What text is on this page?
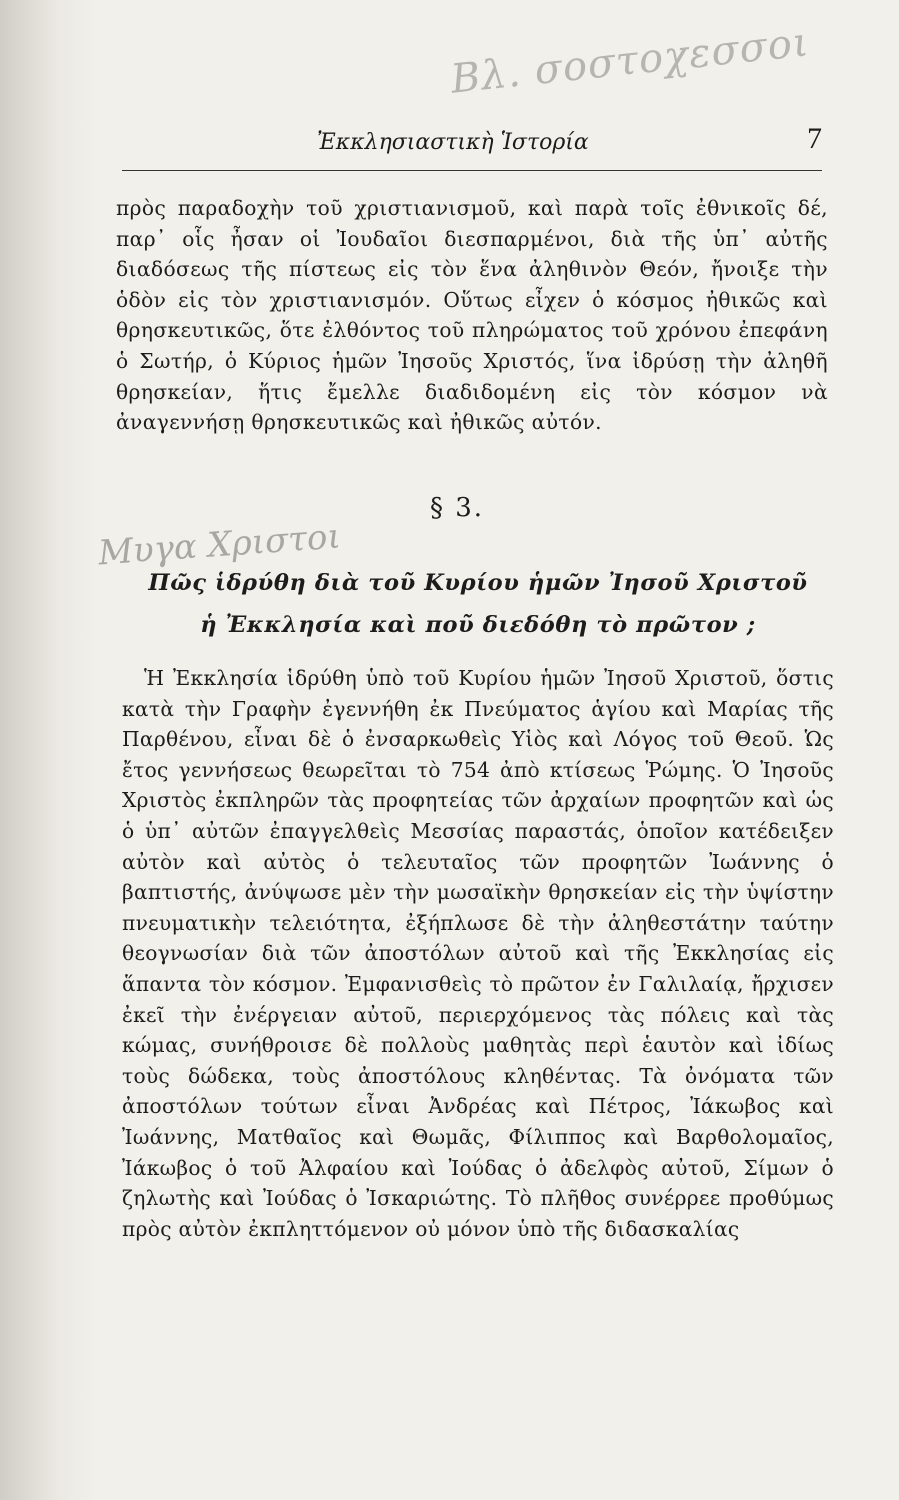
Βλ. σοστοχεσσοι
Ἐκκλησιαστικὴ Ἱστορία	7

πρὸς παραδοχὴν τοῦ χριστιανισμοῦ, καὶ παρὰ τοῖς ἐθνικοῖς δέ, παρ᾽ οἷς ἦσαν οἱ Ἰουδαῖοι διεσπαρμένοι, διὰ τῆς ὑπ᾽ αὐτῆς διαδόσεως τῆς πίστεως εἰς τὸν ἕνα ἀληθινὸν Θεόν, ἤνοιξε τὴν ὁδὸν εἰς τὸν χριστιανισμόν. Οὕτως εἶχεν ὁ κόσμος ἠθικῶς καὶ θρησκευτικῶς, ὅτε ἐλθόντος τοῦ πληρώματος τοῦ χρόνου ἐπεφάνη ὁ Σωτήρ, ὁ Κύριος ἡμῶν Ἰησοῦς Χριστός, ἵνα ἱδρύσῃ τὴν ἀληθῆ θρησκείαν, ἥτις ἔμελλε διαδιδομένη εἰς τὸν κόσμον νὰ ἀναγεννήσῃ θρησκευτικῶς καὶ ἠθικῶς αὐτόν.

§ 3.
Μυγα Χριστοι
Πῶς ἱδρύθη διὰ τοῦ Κυρίου ἡμῶν Ἰησοῦ Χριστοῦ
ἡ Ἐκκλησία καὶ ποῦ διεδόθη τὸ πρῶτον ;

Ἡ Ἐκκλησία ἱδρύθη ὑπὸ τοῦ Κυρίου ἡμῶν Ἰησοῦ Χριστοῦ, ὅστις κατὰ τὴν Γραφὴν ἐγεννήθη ἐκ Πνεύματος ἁγίου καὶ Μαρίας τῆς Παρθένου, εἶναι δὲ ὁ ἐνσαρκωθεὶς Υἱὸς καὶ Λόγος τοῦ Θεοῦ. Ὡς ἔτος γεννήσεως θεωρεῖται τὸ 754 ἀπὸ κτίσεως Ῥώμης. Ὁ Ἰησοῦς Χριστὸς ἐκπληρῶν τὰς προφητείας τῶν ἀρχαίων προφητῶν καὶ ὡς ὁ ὑπ᾽ αὐτῶν ἐπαγγελθεὶς Μεσσίας παραστάς, ὁποῖον κατέδειξεν αὐτὸν καὶ αὐτὸς ὁ τελευταῖος τῶν προφητῶν Ἰωάννης ὁ βαπτιστής, ἀνύψωσε μὲν τὴν μωσαϊκὴν θρησκείαν εἰς τὴν ὑψίστην πνευματικὴν τελειότητα, ἐξήπλωσε δὲ τὴν ἀληθεστάτην ταύτην θεογνωσίαν διὰ τῶν ἀποστόλων αὐτοῦ καὶ τῆς Ἐκκλησίας εἰς ἅπαντα τὸν κόσμον. Ἐμφανισθεὶς τὸ πρῶτον ἐν Γαλιλαίᾳ, ἤρχισεν ἐκεῖ τὴν ἐνέργειαν αὐτοῦ, περιερχόμενος τὰς πόλεις καὶ τὰς κώμας, συνήθροισε δὲ πολλοὺς μαθητὰς περὶ ἑαυτὸν καὶ ἰδίως τοὺς δώδεκα, τοὺς ἀποστόλους κληθέντας. Τὰ ὀνόματα τῶν ἀποστόλων τούτων εἶναι Ἀνδρέας καὶ Πέτρος, Ἰάκωβος καὶ Ἰωάννης, Ματθαῖος καὶ Θωμᾶς, Φίλιππος καὶ Βαρθολομαῖος, Ἰάκωβος ὁ τοῦ Ἀλφαίου καὶ Ἰούδας ὁ ἀδελφὸς αὐτοῦ, Σίμων ὁ ζηλωτὴς καὶ Ἰούδας ὁ Ἰσκαριώτης. Τὸ πλῆθος συνέρρεε προθύμως πρὸς αὐτὸν ἐκπληττόμενον οὐ μόνον ὑπὸ τῆς διδασκαλίας
